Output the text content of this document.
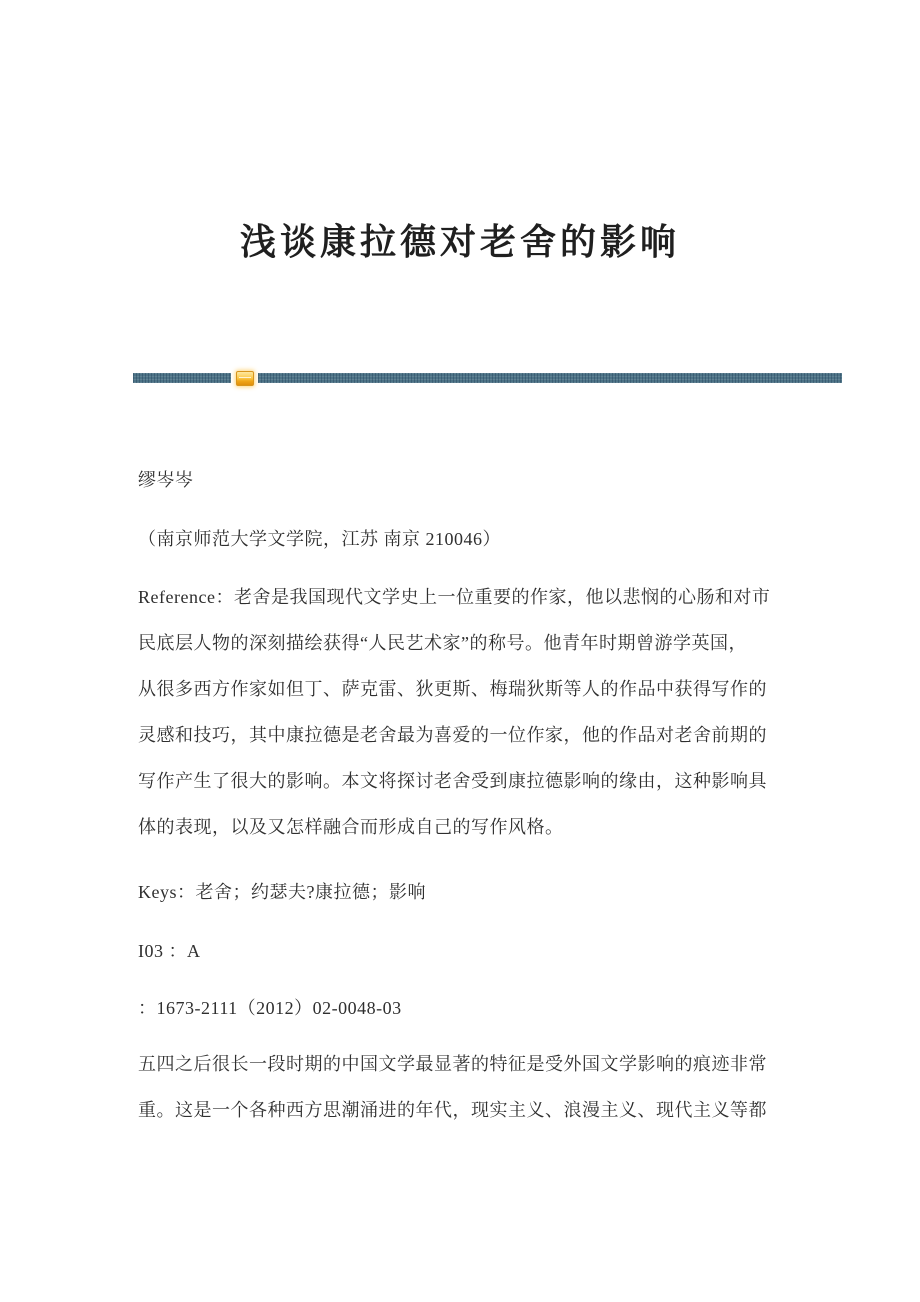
浅谈康拉德对老舍的影响
缪岑岑
（南京师范大学文学院，江苏 南京 210046）
Reference：老舍是我国现代文学史上一位重要的作家，他以悲悯的心肠和对市
民底层人物的深刻描绘获得“人民艺术家”的称号。他青年时期曾游学英国，
从很多西方作家如但丁、萨克雷、狄更斯、梅瑞狄斯等人的作品中获得写作的
灵感和技巧，其中康拉德是老舍最为喜爱的一位作家，他的作品对老舍前期的
写作产生了很大的影响。本文将探讨老舍受到康拉德影响的缘由，这种影响具
体的表现，以及又怎样融合而形成自己的写作风格。
Keys：老舍；约瑟夫?康拉德；影响
I03 ：A
：1673-2111（2012）02-0048-03
五四之后很长一段时期的中国文学最显著的特征是受外国文学影响的痕迹非常
重。这是一个各种西方思潮涌进的年代，现实主义、浪漫主义、现代主义等都
